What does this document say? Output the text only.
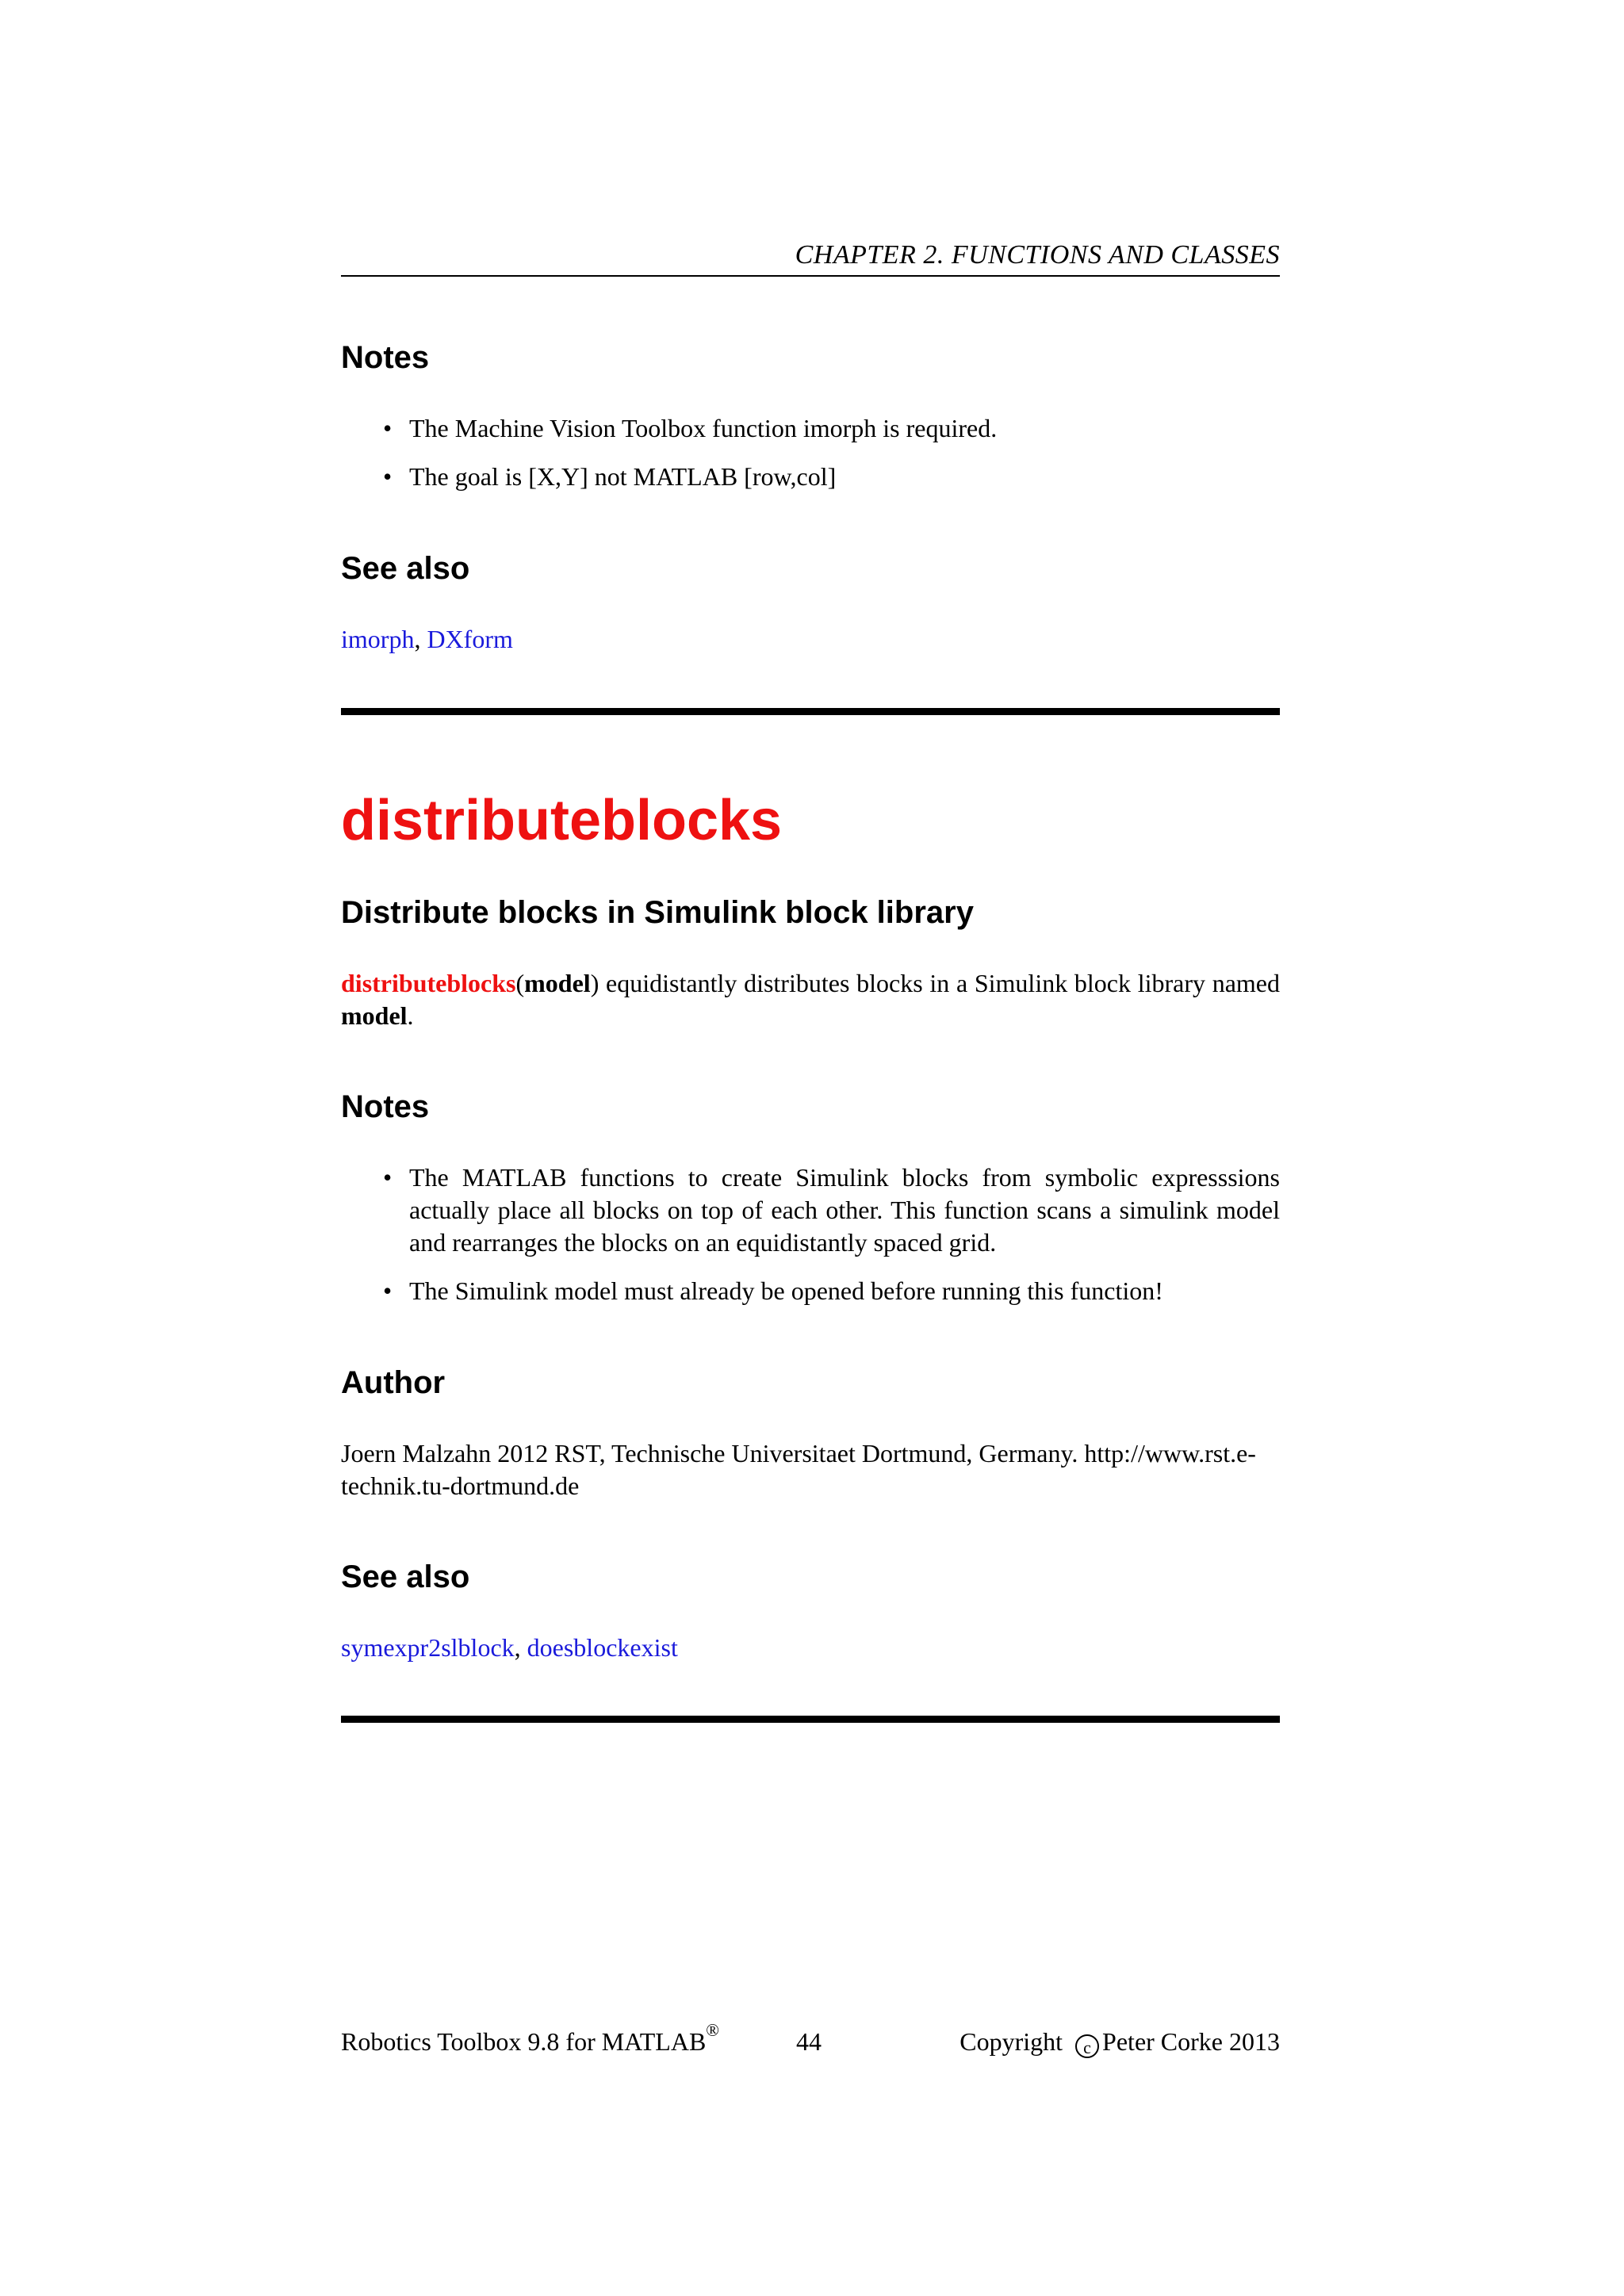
CHAPTER 2. FUNCTIONS AND CLASSES
Notes
• The Machine Vision Toolbox function imorph is required.
• The goal is [X,Y] not MATLAB [row,col]
See also

imorph, DXform

distributeblocks
Distribute blocks in Simulink block library

distributeblocks(model) equidistantly distributes blocks in a Simulink block library named model.

Notes
• The MATLAB functions to create Simulink blocks from symbolic expresssions actually place all blocks on top of each other. This function scans a simulink model and rearranges the blocks on an equidistantly spaced grid.
• The Simulink model must already be opened before running this function!
Author

Joern Malzahn 2012 RST, Technische Universitaet Dortmund, Germany. http://www.rst.e-
technik.tu-dortmund.de

See also

symexpr2slblock, doesblockexist

Robotics Toolbox 9.8 for MATLAB®	44	Copyright c Peter Corke 2013
